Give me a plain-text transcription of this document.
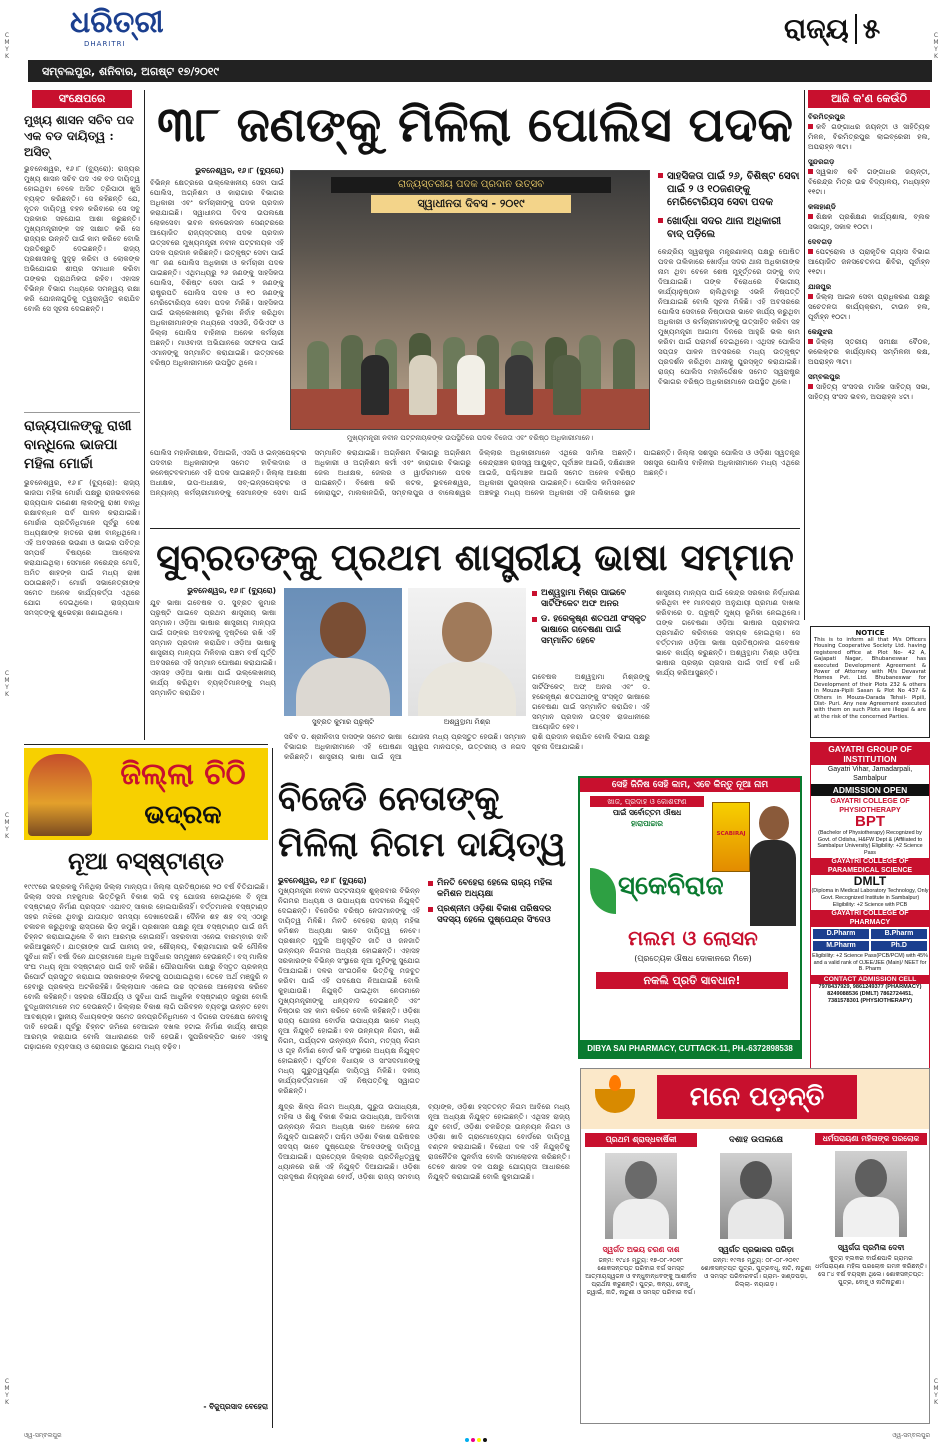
C
M
Y
K
C
M
Y
K
C
M
Y
K
C
M
Y
K
C
M
Y
K
C
M
Y
K
ଧରିତ୍ରୀ
DHARITRI	ରାଜ୍ୟ ୫
ସମ୍ବଲପୁର, ଶନିବାର, ଅଗଷ୍ଟ ୧୭/୨୦୧୯
ସଂକ୍ଷେପରେ
ମୁଖ୍ୟ ଶାସନ ସଚିବ ପଦ ଏକ ବଡ ଦାୟିତ୍ୱ : ଅସିତ୍
ଭୁବନେଶ୍ୱର, ୧୬।୮ (ବ୍ୟୁରୋ): ରାଜ୍ୟର ମୁଖ୍ୟ ଶାସନ ସଚିବ ପଦ ଏକ ବଡ ଦାୟିତ୍ୱ ହୋଇଥିବା ବେଳେ ଅସିତ ତ୍ରିପାଠୀ ଖୁସି ବ୍ୟକ୍ତ କରିଛନ୍ତି। ସେ କହିଛନ୍ତି ଯେ, ନୂତନ ଦାୟିତ୍ୱ ବହନ କରିବାରେ ସେ ସବୁ ପ୍ରକାର ସହଯୋଗ ଆଶା କରୁଛନ୍ତି। ମୁଖ୍ୟମନ୍ତ୍ରୀଙ୍କ ସହ ସାକ୍ଷାତ କରି ସେ ରାଜ୍ୟର ଉନ୍ନତି ପାଇଁ କାମ କରିବେ ବୋଲି ପ୍ରତିଶ୍ରୁତି ଦେଇଛନ୍ତି। ରାଜ୍ୟ ପ୍ରଶାସନକୁ ସୁଦୃଢ଼ କରିବା ଓ ଲୋକଙ୍କ ଅଭିଯୋଗର ଶୀଘ୍ର ସମାଧାନ କରିବା ତାଙ୍କର ପ୍ରାଥମିକତା ରହିବ। ଏହାସହ ବିଭିନ୍ନ ବିଭାଗ ମଧ୍ୟରେ ସମନ୍ୱୟ ରକ୍ଷା କରି ଯୋଜନାଗୁଡିକୁ ତ୍ୱରାନ୍ୱିତ କରାଯିବ ବୋଲି ସେ ସୂଚନା ଦେଇଛନ୍ତି।
ରାଜ୍ୟପାଳଙ୍କୁ ରାଖୀ ବାନ୍ଧିଲେ ଭାଜପା ମହିଳା ମୋର୍ଚ୍ଚା
ଭୁବନେଶ୍ୱର, ୧୬।୮ (ବ୍ୟୁରୋ): ରାଜ୍ୟ ଭାଜପା ମହିଳା ମୋର୍ଚ୍ଚା ପକ୍ଷରୁ ରାଜଭବନରେ ରାଜ୍ୟପାଳ ଗଣେଶୀ ଲାଲଙ୍କୁ ରାଖୀ ବାନ୍ଧି ରକ୍ଷାବନ୍ଧନ ପର୍ବ ପାଳନ କରାଯାଇଛି। ମୋର୍ଚ୍ଚାର ପ୍ରତିନିଧିମାନେ ପୂର୍ବରୁ ଦେଶ ଅଧ୍ୟକ୍ଷାଙ୍କ ହାତରେ ରାଖୀ ବାନ୍ଧିଥିଲେ। ଏହି ଅବସରରେ ଭଉଣୀ ଓ ଭାଇର ପବିତ୍ର ସମ୍ପର୍କ ବିଷୟରେ ଆଲୋଚନା କରାଯାଇଥିଲା। ସେମାନେ ନରେନ୍ଦ୍ର ମୋଦି, ଅମିତ ଶାହଙ୍କ ପାଇଁ ମଧ୍ୟ ରାଖୀ ପଠାଇଛନ୍ତି। ମୋର୍ଚ୍ଚା ସଭାନେତ୍ରୀଙ୍କ ସମେତ ଅନେକ କାର୍ଯ୍ୟକର୍ତ୍ତା ଏଥିରେ ଯୋଗ ଦେଇଥିଲେ। ରାଜ୍ୟପାଳ ସମସ୍ତଙ୍କୁ ଶୁଭେଚ୍ଛା ଜଣାଇଥିଲେ।
୩୮ ଜଣଙ୍କୁ ମିଳିଲା ପୋଲିସ ପଦକ
ଭୁବନେଶ୍ୱର, ୧୬।୮ (ବ୍ୟୁରୋ)
ବିଭିନ୍ନ କ୍ଷେତ୍ରରେ ଉଲ୍ଲେଖନୀୟ ସେବା ପାଇଁ ପୋଲିସ, ଅଗ୍ନିଶମ ଓ କାରାଗାର ବିଭାଗର ଅଧିକାରୀ ଏବଂ କର୍ମଚାରୀଙ୍କୁ ପଦକ ପ୍ରଦାନ କରାଯାଇଛି। ସ୍ୱାଧୀନତା ଦିବସ ଉପଲକ୍ଷେ ଲୋକସେବା ଭବନ କନଭେନସନ ସେଣ୍ଟରରେ ଆୟୋଜିତ ରାଜ୍ୟସ୍ତରୀୟ ପଦକ ପ୍ରଦାନ ଉତ୍ସବରେ ମୁଖ୍ୟମନ୍ତ୍ରୀ ନବୀନ ପଟ୍ଟନାୟକ ଏହି ପଦକ ପ୍ରଦାନ କରିଛନ୍ତି। ଉତ୍କୃଷ୍ଟ ସେବା ପାଇଁ ୩୮ ଜଣ ପୋଲିସ ଅଧିକାରୀ ଓ କର୍ମଚାରୀ ପଦକ ପାଇଛନ୍ତି। ଏଥିମଧ୍ୟରୁ ୨୬ ଜଣଙ୍କୁ ସାହସିକତା ପୋଲିସ, ବିଶିଷ୍ଟ ସେବା ପାଇଁ ୨ ଜଣଙ୍କୁ ରାଷ୍ଟ୍ରପତି ପୋଲିସ ପଦକ ଓ ୧୦ ଜଣଙ୍କୁ ମେରିଟୋରିୟସ ସେବା ପଦକ ମିଳିଛି। ସାହସିକତା ପାଇଁ ଉଲ୍ଲେଖନୀୟ ଭୂମିକା ନିର୍ବାହ କରିଥିବା ଅଧିକାରୀମାନଙ୍କ ମଧ୍ୟରେ ଏସଓଜି, ଡିଭିଏଫ ଓ ଜିଲ୍ଲା ପୋଲିସ ବାହିନୀର ଅନେକ କର୍ମଚାରୀ ଅଛନ୍ତି। ମାଓବାଦୀ ଅଭିଯାନରେ ସଫଳତା ପାଇଁ ଏମାନଙ୍କୁ ସମ୍ମାନିତ କରାଯାଇଛି। ଉତ୍ସବରେ ବରିଷ୍ଠ ଅଧିକାରୀମାନେ ଉପସ୍ଥିତ ଥିଲେ।
ରାଜ୍ୟସ୍ତରୀୟ ପଦକ ପ୍ରଦାନ ଉତ୍ସବ
ସ୍ୱାଧୀନତା ଦିବସ - ୨୦୧୯
ମୁଖ୍ୟମନ୍ତ୍ରୀ ନବୀନ ପଟ୍ଟନାୟକଙ୍କ ଉପସ୍ଥିତିରେ ପଦକ ବିଜେତା ଏବଂ ବରିଷ୍ଠ ଅଧିକାରୀମାନେ।
ସାହସିକତା ପାଇଁ ୨୬, ବିଶିଷ୍ଟ ସେବା ପାଇଁ ୨ ଓ ୧୦ଜଣଙ୍କୁ ମେରିଟୋରିୟସ ସେବା ପଦକ
ଖୋର୍ଦ୍ଧା ସଦର ଥାନା ଅଧିକାରୀ ବାଦ୍ ପଡ଼ିଲେ
କେନ୍ଦ୍ରିୟ ସ୍ୱରାଷ୍ଟ୍ର ମନ୍ତ୍ରଣାଳୟ ପକ୍ଷରୁ ଘୋଷିତ ପଦକ ତାଲିକାରେ ଖୋର୍ଦ୍ଧା ସଦର ଥାନା ଅଧିକାରୀଙ୍କ ନାମ ଥିବା ବେଳେ ଶେଷ ମୁହୂର୍ତ୍ତରେ ତାଙ୍କୁ ବାଦ୍ ଦିଆଯାଇଛି। ତାଙ୍କ ବିରୋଧରେ ବିଭାଗୀୟ କାର୍ଯ୍ୟାନୁଷ୍ଠାନ ଚାଲିଥିବାରୁ ଏଭଳି ନିଷ୍ପତ୍ତି ନିଆଯାଇଛି ବୋଲି ସୂଚନା ମିଳିଛି। ଏହି ଅବସରରେ ପୋଲିସ ସେବାରେ ନିଷ୍ଠାପର ଭାବେ କାର୍ଯ୍ୟ କରୁଥିବା ଅଧିକାରୀ ଓ କର୍ମଚାରୀମାନଙ୍କୁ ଉତ୍ସାହିତ କରିବା ସହ ମୁଖ୍ୟମନ୍ତ୍ରୀ ଆଗାମୀ ଦିନରେ ଆହୁରି ଭଲ କାମ କରିବା ପାଇଁ ପରାମର୍ଶ ଦେଇଥିଲେ। ଏଥିସହ ପୋଲିସ ସପ୍ତାହ ପାଳନ ଅବସରରେ ମଧ୍ୟ ଉତ୍କୃଷ୍ଟ ପ୍ରଦର୍ଶନ କରିଥିବା ଥାନାକୁ ପୁରସ୍କୃତ କରାଯାଇଛି। ରାଜ୍ୟ ପୋଲିସ ମହାନିର୍ଦ୍ଦେଶକ ସମେତ ସ୍ୱରାଷ୍ଟ୍ର ବିଭାଗର ବରିଷ୍ଠ ଅଧିକାରୀମାନେ ଉପସ୍ଥିତ ଥିଲେ।
ପୋଲିସ ମହାନିରୀକ୍ଷକ, ଡିଆଇଜି, ଏସପି ଓ ଇନ୍ସପେକ୍ଟର ପଦବୀର ଅଧିକାରୀଙ୍କ ସମେତ ହାବିଲଦାର ଓ କନେଷ୍ଟବଳମାନେ ଏହି ପଦକ ପାଇଛନ୍ତି। ଜିଲ୍ଲା ଆରକ୍ଷୀ ଅଧୀକ୍ଷକ, ଉପ-ଅଧୀକ୍ଷକ, ସବ୍-ଇନ୍ସପେକ୍ଟର ଓ ଅନ୍ୟାନ୍ୟ କର୍ମଚାରୀମାନଙ୍କୁ ସେମାନଙ୍କ ସେବା ପାଇଁ ସମ୍ମାନିତ କରାଯାଇଛି। ଅଗ୍ନିଶମ ବିଭାଗରୁ ଅଗ୍ନିଶମ ଅଧିକାରୀ ଓ ଅଗ୍ନିଶମ କର୍ମୀ ଏବଂ କାରାଗାର ବିଭାଗରୁ ଜେଲ ଅଧୀକ୍ଷକ, ଜେଲର ଓ ୱାର୍ଡରମାନେ ପଦକ ପାଇଛନ୍ତି। ବିଶେଷ କରି କଟକ, ଭୁବନେଶ୍ୱର, କୋରାପୁଟ, ମାଲକାନଗିରି, ସମ୍ବଲପୁର ଓ ବାଲେଶ୍ୱର ଜିଲ୍ଲାର ଅଧିକାରୀମାନେ ଏଥିରେ ସାମିଲ ଅଛନ୍ତି। କେନ୍ଦ୍ରାଞ୍ଚଳ ରାଜସ୍ୱ ଆୟୁକ୍ତ, ପୂର୍ବାଞ୍ଚଳ ଆଇଜି, ଦକ୍ଷିଣାଞ୍ଚଳ ଆଇଜି, ପଶ୍ଚିମାଞ୍ଚଳ ଆଇଜି ସମେତ ଅନେକ ବରିଷ୍ଠ ଅଧିକାରୀ ପୁରସ୍କାର ପାଇଛନ୍ତି। ପୋଲିସ କମିସନରେଟ ଅଞ୍ଚଳରୁ ମଧ୍ୟ ଅନେକ ଅଧିକାରୀ ଏହି ତାଲିକାରେ ସ୍ଥାନ ପାଇଛନ୍ତି। ଜିଲ୍ଲା ସଶସ୍ତ୍ର ପୋଲିସ ଓ ଓଡ଼ିଶା ସ୍ୱତନ୍ତ୍ର ସଶସ୍ତ୍ର ପୋଲିସ ବାହିନୀର ଅଧିକାରୀମାନେ ମଧ୍ୟ ଏଥିରେ ଅଛନ୍ତି।
ଆଜି କ'ଣ କେଉଁଠି
ବିରମିତ୍ରପୁର
କବି ଗଙ୍ଗାଧର ଜୟନ୍ତୀ ଓ ସାହିତ୍ୟିକ ମିଳନ, ବିରମିତ୍ରପୁର ଲାଇବ୍ରେରୀ ହଲ, ଅପରାହ୍ନ ୩ଟା।
ସୁନ୍ଦରଗଡ଼
ସ୍ୱଭାବ କବି ଗଙ୍ଗାଧର ଜୟନ୍ତୀ, ବିରେନ୍ଦ୍ର ମିତ୍ର ଉଚ୍ଚ ବିଦ୍ୟାଳୟ, ମଧ୍ୟାହ୍ନ ୧୧ଟା।
କଳାହାଣ୍ଡି
ଶିକ୍ଷକ ପ୍ରଶିକ୍ଷଣ କାର୍ଯ୍ୟଶାଳା, ବ୍ଲକ ସଭାଗୃହ, ସକାଳ ୧୦ଟା।
ଦେବଗଡ଼
ପେଟ୍ରୋଲ ଓ ପ୍ରାକୃତିକ ଗ୍ୟାସ ବିଭାଗ ଆୟୋଜିତ ଜନସଚେତନତା ଶିବିର, ପୂର୍ବାହ୍ନ ୧୧ଟା।
ଯାଜପୁର
ଜିଲ୍ଲା ଆଇନ ସେବା ପ୍ରାଧିକରଣ ପକ୍ଷରୁ ସଚେତନତା କାର୍ଯ୍ୟକ୍ରମ, ଟାଉନ ହଲ, ପୂର୍ବାହ୍ନ ୧୦ଟା।
କେନ୍ଦୁଝର
ଜିଲ୍ଲା ସ୍ତରୀୟ ସମୀକ୍ଷା ବୈଠକ, କଲେକ୍ଟର କାର୍ଯ୍ୟାଳୟ ସମ୍ମିଳନୀ କକ୍ଷ, ଅପରାହ୍ନ ୩ଟା।
ସମ୍ବଲପୁର
ସାହିତ୍ୟ ସଂସଦର ମାସିକ ସାହିତ୍ୟ ସଭା, ସାହିତ୍ୟ ସଂସଦ ଭବନ, ଅପରାହ୍ନ ୪ଟା।
NOTICE
This is to inform all that M/s Officers Housing Cooperative Society Ltd. having registered office at Plot No- 42 A, Gajapati Nagar, Bhubaneswar has executed Development Agreement & Power of Attorney with M/s Devavrat Homes Pvt. Ltd. Bhubaneswar for Development of their Plots 232 & others in Mouza-Pipili Sasan & Plot No 437 & Others in Mouza-Darada Tehsil- Pipili, Dist- Puri. Any new Agreement executed with them on such Plots are illegal & are at the risk of the concerned Parties.
GAYATRI GROUP OF INSTITUTION
Gayatri Vihar, Jamadarpali, Sambalpur
ADMISSION OPEN
GAYATRI COLLEGE OF PHYSIOTHERAPY
BPT
(Bachelor of Physiotherapy) Recognized by Govt. of Odisha, H&FW Dept & (Affiliated to Sambalpur University) Eligibility: +2 Science Pass
GAYATRI COLLEGE OF PARAMEDICAL SCIENCE
DMLT
(Diploma in Medical Laboratory Technology, Only Govt. Recognized Institute in Sambalpur) Eligibility: +2 Science with PCB
GAYATRI COLLEGE OF PHARMACY
D.Pharm	B.Pharm
M.Pharm	Ph.D
Eligibility: +2 Science Pass(PCB/PCM) with 45% and a valid rank of OJEE/JEE (Main)/ NEET for B. Pharm
CONTACT ADMISSION CELL
7978437929, 9861249377 (PHARMACY) 8249088536 (DMLT) 7862724451, 7381578301 (PHYSIOTHERAPY)
ସୁବ୍ରତଙ୍କୁ ପ୍ରଥମ ଶାସ୍ତ୍ରୀୟ ଭାଷା ସମ୍ମାନ
ଭୁବନେଶ୍ୱର, ୧୬।୮ (ବ୍ୟୁରୋ)
ଯୁବ ଭାଷା ଗବେଷକ ଡ. ସୁବ୍ରତ କୁମାର ପ୍ରୃଷ୍ଟି ପାଇବେ ପ୍ରଥମ ଶାସ୍ତ୍ରୀୟ ଭାଷା ସମ୍ମାନ। ଓଡ଼ିଆ ଭାଷାର ଶାସ୍ତ୍ରୀୟ ମାନ୍ୟତା ପାଇଁ ତାଙ୍କର ଅବଦାନକୁ ଦୃଷ୍ଟିରେ ରଖି ଏହି ସମ୍ମାନ ପ୍ରଦାନ କରାଯିବ। ଓଡ଼ିଆ ଭାଷାକୁ ଶାସ୍ତ୍ରୀୟ ମାନ୍ୟତା ମିଳିବାର ପଞ୍ଚମ ବର୍ଷ ପୂର୍ତ୍ତି ଅବସରରେ ଏହି ସମ୍ମାନ ଘୋଷଣା କରାଯାଇଛି। ଏହାସହ ଓଡ଼ିଆ ଭାଷା ପାଇଁ ଉଲ୍ଲେଖନୀୟ କାର୍ଯ୍ୟ କରିଥିବା ବ୍ୟକ୍ତିମାନଙ୍କୁ ମଧ୍ୟ ସମ୍ମାନିତ କରାଯିବ।
ସୁବ୍ରତ କୁମାର ପ୍ରୃଷ୍ଟି	ଅଶ୍ୱତ୍ଥାମା ମିଶ୍ର
ଅଶ୍ୱତ୍ଥାମା ମିଶ୍ର ପାଇବେ ସାର୍ଟିଫିକେଟ ଅଫ ଅନର
ଡ. ହରେକୃଷ୍ଣ ଶତପଥୀ ସଂସ୍କୃତ ଭାଷାରେ ଗବେଷଣା ପାଇଁ ସମ୍ମାନିତ ହେବେ
ଗବେଷକ ଅଶ୍ୱତ୍ଥାମା ମିଶ୍ରଙ୍କୁ ସାର୍ଟିଫିକେଟ୍ ଅଫ୍ ଅନର ଏବଂ ଡ. ହରେକୃଷ୍ଣ ଶତପଥୀଙ୍କୁ ସଂସ୍କୃତ ଭାଷାରେ ଗବେଷଣା ପାଇଁ ସମ୍ମାନିତ କରାଯିବ। ଏହି ସମ୍ମାନ ପ୍ରଦାନ ଉତ୍ସବ ରାଜଧାନୀରେ ଆୟୋଜିତ ହେବ।
ଶାସ୍ତ୍ରୀୟ ମାନ୍ୟତା ପାଇଁ କେନ୍ଦ୍ର ସରକାର ନିର୍ଦ୍ଧାରଣ କରିଥିବା ୧୧ ମାନଦଣ୍ଡ ଅନୁଯାୟୀ ପ୍ରମାଣ ଦାଖଲ କରିବାରେ ଡ. ପ୍ରୃଷ୍ଟି ମୁଖ୍ୟ ଭୂମିକା ନେଇଥିଲେ। ତାଙ୍କ ଗବେଷଣା ଓଡ଼ିଆ ଭାଷାର ପ୍ରାଚୀନତା ପ୍ରମାଣିତ କରିବାରେ ସହାୟକ ହୋଇଥିଲା। ସେ ବର୍ତ୍ତମାନ ଓଡ଼ିଆ ଭାଷା ପ୍ରତିଷ୍ଠାନର ଗବେଷକ ଭାବେ କାର୍ଯ୍ୟ କରୁଛନ୍ତି। ଅଶ୍ୱତ୍ଥାମା ମିଶ୍ର ଓଡ଼ିଆ ଭାଷାର ପ୍ରଚାର ପ୍ରସାର ପାଇଁ ଦୀର୍ଘ ବର୍ଷ ଧରି କାର୍ଯ୍ୟ କରିଆସୁଛନ୍ତି।
ସଚିବ ଡ. ଶ୍ରୀନିବାସ ଦାସଙ୍କ ସମେତ ଭାଷା ବିଭାଗର ଅଧିକାରୀମାନେ ଏହି ଘୋଷଣା କରିଛନ୍ତି। ଶାସ୍ତ୍ରୀୟ ଭାଷା ପାଇଁ ନୂଆ ଯୋଜନା ମଧ୍ୟ ପ୍ରସ୍ତୁତ ହେଉଛି। ସମ୍ମାନ ସ୍ୱରୂପ ମାନପତ୍ର, ଉତ୍ତରୀୟ ଓ ନଗଦ ରାଶି ପ୍ରଦାନ କରାଯିବ ବୋଲି ବିଭାଗ ପକ୍ଷରୁ ସୂଚନା ଦିଆଯାଇଛି।
ଜିଲ୍ଲା ଚିଠି
ଭଦ୍ରକ
ନୂଆ ବସ୍‌ଷ୍ଟାଣ୍ଡ
୧୯୯୯ରେ ଭଦ୍ରକକୁ ମିଳିଥିଲା ଜିଲ୍ଲା ମାନ୍ୟତା। ଜିଲ୍ଲା ପ୍ରତିଷ୍ଠାରେ ୨୦ ବର୍ଷ ବିତିଯାଇଛି। ଜିଲ୍ଲା ସଦର ମହକୁମାର ଭିତ୍ତିଭୂମି ବିକାଶ ଲାଗି ବହୁ ଯୋଜନା ହୋଇଥିଲେ ବି ନୂଆ ବସ୍‌ଷ୍ଟାଣ୍ଡ ନିର୍ମାଣ ପ୍ରସ୍ତାବ ଏଯାବତ୍ ସାକାର ହୋଇପାରିନାହିଁ। ବର୍ତ୍ତମାନର ବସ୍‌ଷ୍ଟାଣ୍ଡ ସହର ମଝିରେ ଥିବାରୁ ଯାତାୟାତ ସମସ୍ୟା ଦେଖାଦେଉଛି। ଦୈନିକ ଶହ ଶହ ବସ୍ ଏଠାରୁ ଚଳାଚଳ କରୁଥିବାରୁ ରାସ୍ତାରେ ଭିଡ଼ ଜମୁଛି। ପ୍ରଶାସନ ପକ୍ଷରୁ ନୂଆ ବସ୍‌ଷ୍ଟାଣ୍ଡ ପାଇଁ ଜମି ଚିହ୍ନଟ କରାଯାଇଥିଲେ ବି କାମ ଆରମ୍ଭ ହୋଇନାହିଁ। ସହରବାସୀ ଏନେଇ ବାରମ୍ବାର ଦାବି କରିଆସୁଛନ୍ତି। ଯାତ୍ରୀଙ୍କ ପାଇଁ ପାନୀୟ ଜଳ, ଶୌଚାଳୟ, ବିଶ୍ରାମାଗାର ଭଳି ମୌଳିକ ସୁବିଧା ନାହିଁ। ବର୍ଷା ଦିନେ ଯାତ୍ରୀମାନେ ଅଧିକ ଅସୁବିଧାର ସମ୍ମୁଖୀନ ହେଉଛନ୍ତି। ବସ୍ ମାଲିକ ସଂଘ ମଧ୍ୟ ନୂଆ ବସ୍‌ଷ୍ଟାଣ୍ଡ ପାଇଁ ଦାବି କରିଛି। ପୌରପାଳିକା ପକ୍ଷରୁ ବିସ୍ତୃତ ପ୍ରକଳ୍ପ ରିପୋର୍ଟ ପ୍ରସ୍ତୁତ କରାଯାଇ ସରକାରଙ୍କ ନିକଟକୁ ପଠାଯାଇଥିଲା। ତେବେ ଅର୍ଥ ମଞ୍ଜୁରି ନ ହେବାରୁ ପ୍ରକଳ୍ପ ଅଟକିରହିଛି। ଜିଲ୍ଲାପାଳ ଏନେଇ ଉଚ୍ଚ ସ୍ତରରେ ଆଲୋଚନା କରିବେ ବୋଲି କହିଛନ୍ତି। ସହରର ସୌନ୍ଦର୍ଯ୍ୟ ଓ ସୁବିଧା ପାଇଁ ଆଧୁନିକ ବସ୍‌ଷ୍ଟାଣ୍ଡ ଜରୁରୀ ବୋଲି ବୁଦ୍ଧିଜୀବୀମାନେ ମତ ଦେଉଛନ୍ତି। ଜିଲ୍ଲାର ବିକାଶ ଲାଗି ପରିବହନ ବ୍ୟବସ୍ଥା ଉନ୍ନତ ହେବା ଆବଶ୍ୟକ। ସ୍ଥାନୀୟ ବିଧାୟକଙ୍କ ସମେତ ଜନପ୍ରତିନିଧିମାନେ ଏ ଦିଗରେ ପଦକ୍ଷେପ ନେବାକୁ ଦାବି ହେଉଛି। ପୂର୍ବରୁ ଚିହ୍ନଟ ଜମିରେ ବେଆଇନ ଦଖଲ ହଟାଇ ନିର୍ମାଣ କାର୍ଯ୍ୟ ଶୀଘ୍ର ଆରମ୍ଭ କରାଯାଉ ବୋଲି ସାଧାରଣରେ ଦାବି ହେଉଛି। ସୁପରିକଳ୍ପିତ ଭାବେ ଏହାକୁ ଗଢ଼ାଗଲେ ବ୍ୟବସାୟ ଓ ରୋଜଗାର ସୁଯୋଗ ମଧ୍ୟ ବଢ଼ିବ।
- ବିଜୁପ୍ରସାଦ ବେହେରା
ବିଜେଡି ନେତାଙ୍କୁ
ମିଳିଲା ନିଗମ ଦାୟିତ୍ୱ
ଭୁବନେଶ୍ୱର, ୧୬।୮ (ବ୍ୟୁରୋ)
ମୁଖ୍ୟମନ୍ତ୍ରୀ ନବୀନ ପଟ୍ଟନାୟକ ଶୁକ୍ରବାର ବିଭିନ୍ନ ନିଗମର ଅଧ୍ୟକ୍ଷ ଓ ଉପାଧ୍ୟକ୍ଷ ପଦବୀରେ ନିଯୁକ୍ତି ଦେଇଛନ୍ତି। ବିଜେଡିର ବରିଷ୍ଠ ନେତାମାନଙ୍କୁ ଏହି ଦାୟିତ୍ୱ ମିଳିଛି। ମିନତି ବେହେରା ରାଜ୍ୟ ମହିଳା କମିଶନ ଅଧ୍ୟକ୍ଷା ଭାବେ ଦାୟିତ୍ୱ ନେବେ। ପ୍ରଶାନ୍ତ ମୁଦୁଲି ଅନୁସୂଚିତ ଜାତି ଓ ଜନଜାତି ଉନ୍ନୟନ ନିଗମର ଅଧ୍ୟକ୍ଷ ହୋଇଛନ୍ତି। ଏହାସହ ସରକାରଙ୍କ ବିଭିନ୍ନ ସଂସ୍ଥାରେ ନୂଆ ମୁହଁଙ୍କୁ ସୁଯୋଗ ଦିଆଯାଇଛି। ଦଳର ସାଂଗଠନିକ ଭିତ୍ତିକୁ ମଜବୁତ କରିବା ପାଇଁ ଏହି ପଦକ୍ଷେପ ନିଆଯାଇଛି ବୋଲି କୁହାଯାଉଛି। ନିଯୁକ୍ତି ପାଇଥିବା ନେତାମାନେ ମୁଖ୍ୟମନ୍ତ୍ରୀଙ୍କୁ ଧନ୍ୟବାଦ ଦେଇଛନ୍ତି ଏବଂ ନିଷ୍ଠାର ସହ କାମ କରିବେ ବୋଲି କହିଛନ୍ତି। ଓଡ଼ିଶା ରାଜ୍ୟ ଯୋଜନା ବୋର୍ଡର ଉପାଧ୍ୟକ୍ଷ ଭାବେ ମଧ୍ୟ ନୂଆ ନିଯୁକ୍ତି ହୋଇଛି। ବନ ଉନ୍ନୟନ ନିଗମ, ଖଣି ନିଗମ, ପର୍ଯ୍ୟଟନ ଉନ୍ନୟନ ନିଗମ, ମତ୍ସ୍ୟ ନିଗମ ଓ ଗୃହ ନିର୍ମାଣ ବୋର୍ଡ ଭଳି ସଂସ୍ଥାରେ ଅଧ୍ୟକ୍ଷ ନିଯୁକ୍ତ ହୋଇଛନ୍ତି। ପୂର୍ବତନ ବିଧାୟକ ଓ ସାଂସଦମାନଙ୍କୁ ମଧ୍ୟ ଗୁରୁତ୍ୱପୂର୍ଣ୍ଣ ଦାୟିତ୍ୱ ମିଳିଛି। ଦଳୀୟ କାର୍ଯ୍ୟକର୍ତ୍ତାମାନେ ଏହି ନିଷ୍ପତ୍ତିକୁ ସ୍ୱାଗତ କରିଛନ୍ତି।
ମିନତି ବେହେରା ହେଲେ ରାଜ୍ୟ ମହିଳା କମିଶନ ଅଧ୍ୟକ୍ଷା
ପ୍ରଶ୍ନୀମ ଓଡ଼ିଶା ବିକାଶ ପରିଷଦର ସଦସ୍ୟ ହେଲେ ପୁଷ୍ପେନ୍ଦ୍ର ସିଂଦେଓ
କ୍ଷୁଦ୍ର ଶିଳ୍ପ ନିଗମ ଅଧ୍ୟକ୍ଷ, ଗୁରୁତା ଉପାଧ୍ୟକ୍ଷ, ମହିଳା ଓ ଶିଶୁ ବିକାଶ ବିଭାଗ ଉପାଧ୍ୟକ୍ଷ, ଆଦିବାସୀ ଉନ୍ନୟନ ନିଗମ ଅଧ୍ୟକ୍ଷ ଭାବେ ଅନେକ ନେତା ନିଯୁକ୍ତି ପାଇଛନ୍ତି। ପଶ୍ଚିମ ଓଡ଼ିଶା ବିକାଶ ପରିଷଦର ସଦସ୍ୟ ଭାବେ ପୁଷ୍ପେନ୍ଦ୍ର ସିଂଦେଓଙ୍କୁ ଦାୟିତ୍ୱ ଦିଆଯାଇଛି। ପ୍ରତ୍ୟେକ ଜିଲ୍ଲାର ପ୍ରତିନିଧିତ୍ୱକୁ ଧ୍ୟାନରେ ରଖି ଏହି ନିଯୁକ୍ତି ଦିଆଯାଇଛି। ଓଡ଼ିଶା ପ୍ରଦୂଷଣ ନିୟନ୍ତ୍ରଣ ବୋର୍ଡ, ଓଡ଼ିଶା ରାଜ୍ୟ ସମବାୟ ବ୍ୟାଙ୍କ, ଓଡ଼ିଶା ହସ୍ତତନ୍ତ ନିଗମ ଆଦିରେ ମଧ୍ୟ ନୂଆ ଅଧ୍ୟକ୍ଷ ନିଯୁକ୍ତ ହୋଇଛନ୍ତି। ଏଥିସହ ରାଜ୍ୟ ଯୁବ ବୋର୍ଡ, ଓଡ଼ିଶା ଚଳଚ୍ଚିତ୍ର ଉନ୍ନୟନ ନିଗମ ଓ ଓଡ଼ିଶା ଖାଦି ଗ୍ରାମୋଦ୍ୟୋଗ ବୋର୍ଡରେ ଦାୟିତ୍ୱ ବଣ୍ଟନ କରାଯାଇଛି। ବିରୋଧୀ ଦଳ ଏହି ନିଯୁକ୍ତିକୁ ରାଜନୈତିକ ପୁନର୍ବାସ ବୋଲି ସମାଲୋଚନା କରିଛନ୍ତି। ତେବେ ଶାସକ ଦଳ ପକ୍ଷରୁ ଯୋଗ୍ୟତା ଆଧାରରେ ନିଯୁକ୍ତି କରାଯାଇଛି ବୋଲି କୁହାଯାଇଛି।
ସେହି ଜିନିଷ ସେହି କାମ, ଏବେ କିନ୍ତୁ ନୂଆ ନାମ
ଖାଜ, ପ୍ରଦାହ ଓ କୋଶଫଣ
ପାଇଁ ସର୍ବୋତ୍ତମ ଔଷଧ
ହାରାପାଚ୍ଚାର
SCABIRAJ
ସ୍କେବିରାଜ
ମଲମ ଓ ଲୋସନ
(ପ୍ରତ୍ୟେକ ଔଷଧ ଦୋକାନରେ ମିଳେ)
ନକଲି ପ୍ରତି ସାବଧାନ!
DIBYA SAI PHARMACY, CUTTACK-11, PH.-6372898538
ମନେ ପଡ଼ନ୍ତି
ପ୍ରଥମ ଶ୍ରାଦ୍ଧବାର୍ଷିକୀ
ସ୍ୱର୍ଗତ ଅଭୟ ଚରଣ ଦାଶ
ଜନ୍ମ: ୧୯୪୫ ମୃତ୍ୟୁ: ୧୭-୦୮-୨୦୧୮ ଶୋକସନ୍ତପ୍ତ ପରିବାର ବର୍ଗ ସମସ୍ତ ଆତ୍ମୀୟସ୍ୱଜନ ଓ ବନ୍ଧୁବାନ୍ଧବଙ୍କୁ ଆଶୀର୍ବାଦ ପ୍ରାର୍ଥନା କରୁଛନ୍ତି। ପୁତ୍ର, କନ୍ୟା, ବୋହୂ, ଜ୍ୱାଇଁ, ନାତି, ନାତୁଣୀ ଓ ସମସ୍ତ ପରିବାର ବର୍ଗ।
ଦଶାହ ଉପଲକ୍ଷେ
ସ୍ୱର୍ଗତ ପ୍ରଭାକର ପରିଡ଼ା
ଜନ୍ମ: ୧୯୩୫ ମୃତ୍ୟୁ: ୦୮-୦୮-୨୦୧୯ ଶୋକସନ୍ତପ୍ତ ପୁତ୍ର, ପୁତ୍ରବଧୂ, ନାତି, ନାତୁଣୀ ଓ ସମସ୍ତ ପରିବାରବର୍ଗ। ଗ୍ରାମ- ଖଣ୍ଡପଡ଼ା, ଜିଲ୍ଲା- ନୟାଗଡ଼।
ଧର୍ମପରାୟଣା ମହିଳାଙ୍କ ପରଲୋକ
ସ୍ୱର୍ଗତା ପ୍ରମିଳା ଦେବୀ
କୁତ୍ରା ବ୍ଲକର ବାଉଁଶପାଳି ଗ୍ରାମର ଧର୍ମପରାୟଣା ମହିଳା ପରଲୋକ ଗମନ କରିଛନ୍ତି। ସେ ୮୪ ବର୍ଷ ବୟସ୍କା ଥିଲେ। ଶୋକସନ୍ତପ୍ତ: ପୁତ୍ର, ବୋହୂ ଓ ନାତିନାତୁଣୀ।
ଓ୍ୱ-ସମ୍ବଲପୁର	ଓ୍ୱ-ସମ୍ବଲପୁର
